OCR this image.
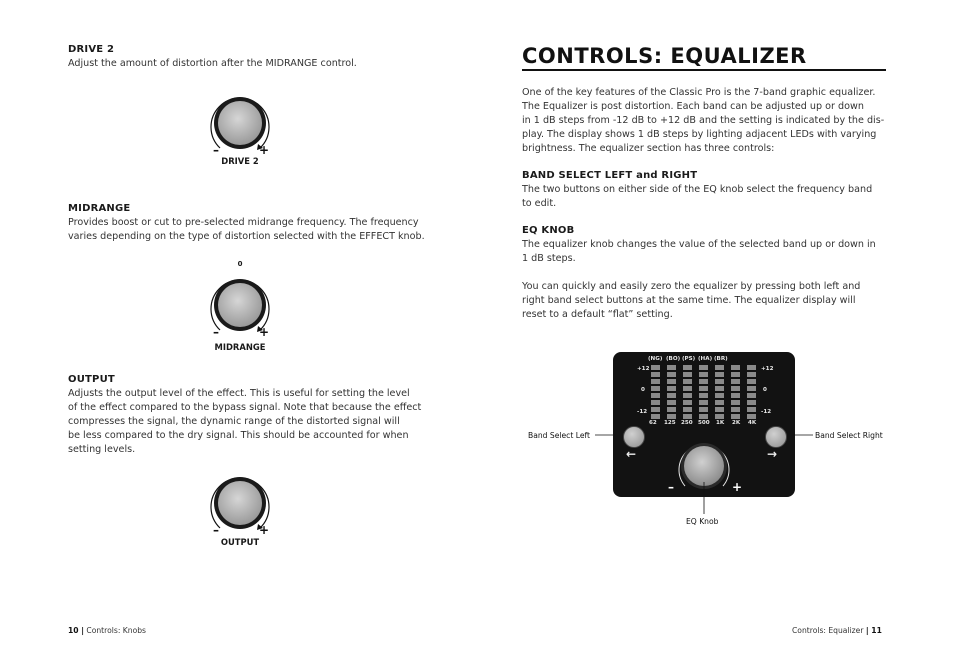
DRIVE 2
Adjust the amount of distortion after the MIDRANGE control.
–	+
DRIVE 2
MIDRANGE
Provides boost or cut to pre-selected midrange frequency. The frequency
varies depending on the type of distortion selected with the EFFECT knob.
0
–	+
MIDRANGE
OUTPUT
Adjusts the output level of the effect. This is useful for setting the level
of the effect compared to the bypass signal. Note that because the effect
compresses the signal, the dynamic range of the distorted signal will
be less compared to the dry signal. This should be accounted for when
setting levels.
–	+
OUTPUT
10 | Controls: Knobs
CONTROLS: EQUALIZER
One of the key features of the Classic Pro is the 7-band graphic equalizer.
The Equalizer is post distortion. Each band can be adjusted up or down
in 1 dB steps from -12 dB to +12 dB and the setting is indicated by the dis-
play. The display shows 1 dB steps by lighting adjacent LEDs with varying
brightness. The equalizer section has three controls:
BAND SELECT LEFT and RIGHT
The two buttons on either side of the EQ knob select the frequency band
to edit.
EQ KNOB
The equalizer knob changes the value of the selected band up or down in
1 dB steps.
You can quickly and easily zero the equalizer by pressing both left and
right band select buttons at the same time. The equalizer display will
reset to a default “flat” setting.
(NG) (BO) (PS) (HA) (BR)
+12
0
-12
+12
0
-12
62 125 250 500 1K 2K 4K
←	→
–	+
Band Select Left	Band Select Right
EQ Knob
Controls: Equalizer | 11
